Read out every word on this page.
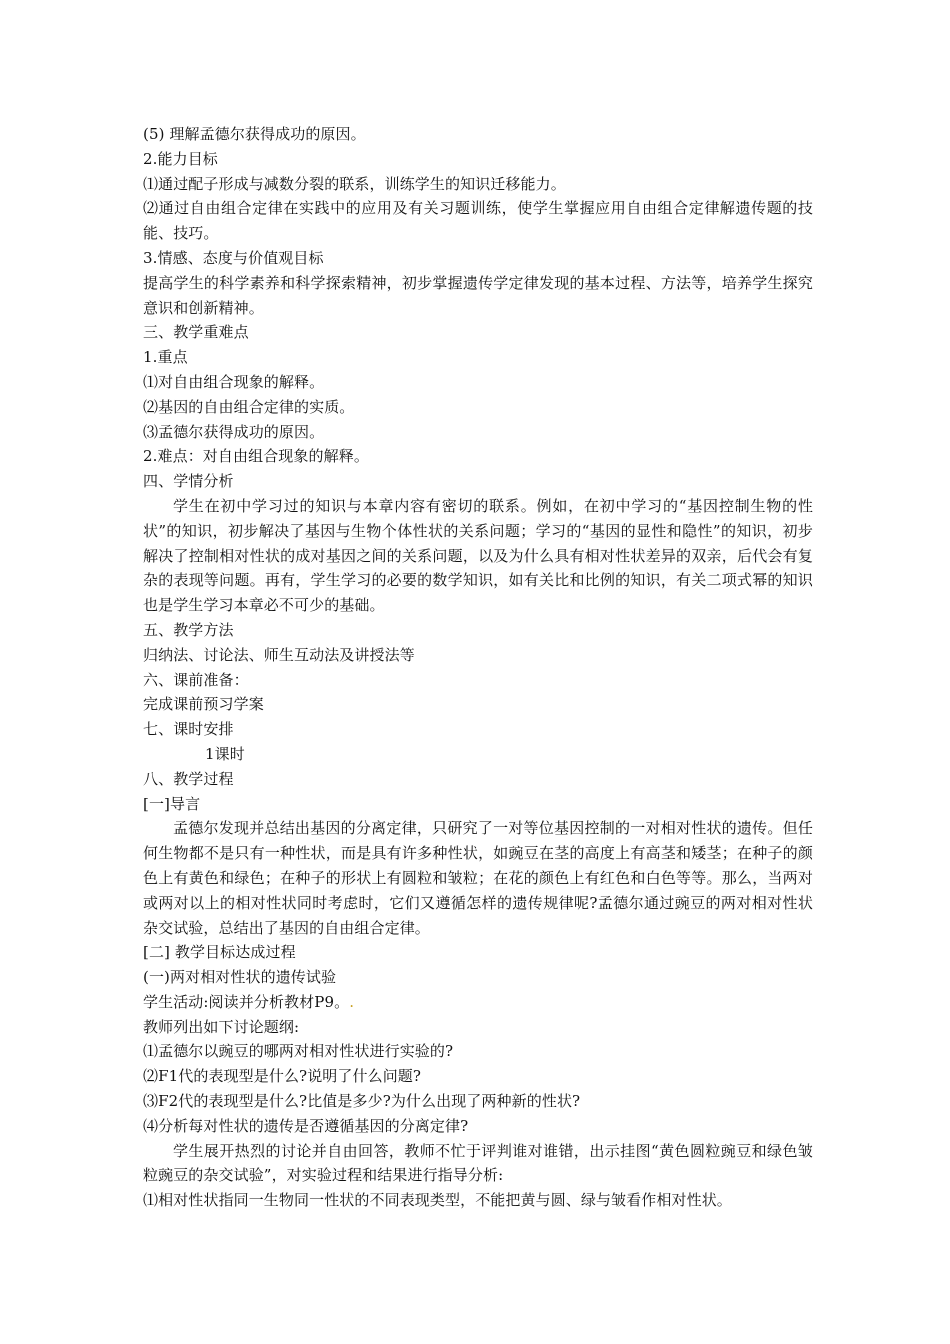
(5) 理解孟德尔获得成功的原因。
2.能力目标
⑴通过配子形成与减数分裂的联系，训练学生的知识迁移能力。

⑵通过自由组合定律在实践中的应用及有关习题训练，使学生掌握应用自由组合定律解遗传题的技能、技巧。

3.情感、态度与价值观目标

提高学生的科学素养和科学探索精神，初步掌握遗传学定律发现的基本过程、方法等，培养学生探究意识和创新精神。

三、教学重难点
1.重点
⑴对自由组合现象的解释。
⑵基因的自由组合定律的实质。
⑶孟德尔获得成功的原因。
2.难点：对自由组合现象的解释。
四、学情分析

学生在初中学习过的知识与本章内容有密切的联系。例如，在初中学习的“基因控制生物的性状”的知识，初步解决了基因与生物个体性状的关系问题；学习的“基因的显性和隐性”的知识，初步解决了控制相对性状的成对基因之间的关系问题，以及为什么具有相对性状差异的双亲，后代会有复杂的表现等问题。再有，学生学习的必要的数学知识，如有关比和比例的知识，有关二项式幂的知识也是学生学习本章必不可少的基础。

五、教学方法
归纳法、讨论法、师生互动法及讲授法等
六、课前准备：
完成课前预习学案
七、课时安排
1课时
八、教学过程
[一]导言

孟德尔发现并总结出基因的分离定律，只研究了一对等位基因控制的一对相对性状的遗传。但任何生物都不是只有一种性状，而是具有许多种性状，如豌豆在茎的高度上有高茎和矮茎；在种子的颜色上有黄色和绿色；在种子的形状上有圆粒和皱粒；在花的颜色上有红色和白色等等。那么，当两对或两对以上的相对性状同时考虑时，它们又遵循怎样的遗传规律呢?孟德尔通过豌豆的两对相对性状杂交试验，总结出了基因的自由组合定律。

[二] 教学目标达成过程
(一)两对相对性状的遗传试验
学生活动:阅读并分析教材P9。.
教师列出如下讨论题纲:
⑴孟德尔以豌豆的哪两对相对性状进行实验的?
⑵F1代的表现型是什么?说明了什么问题?
⑶F2代的表现型是什么?比值是多少?为什么出现了两种新的性状?
⑷分析每对性状的遗传是否遵循基因的分离定律?

学生展开热烈的讨论并自由回答，教师不忙于评判谁对谁错，出示挂图“黄色圆粒豌豆和绿色皱粒豌豆的杂交试验”，对实验过程和结果进行指导分析:

⑴相对性状指同一生物同一性状的不同表现类型，不能把黄与圆、绿与皱看作相对性状。
